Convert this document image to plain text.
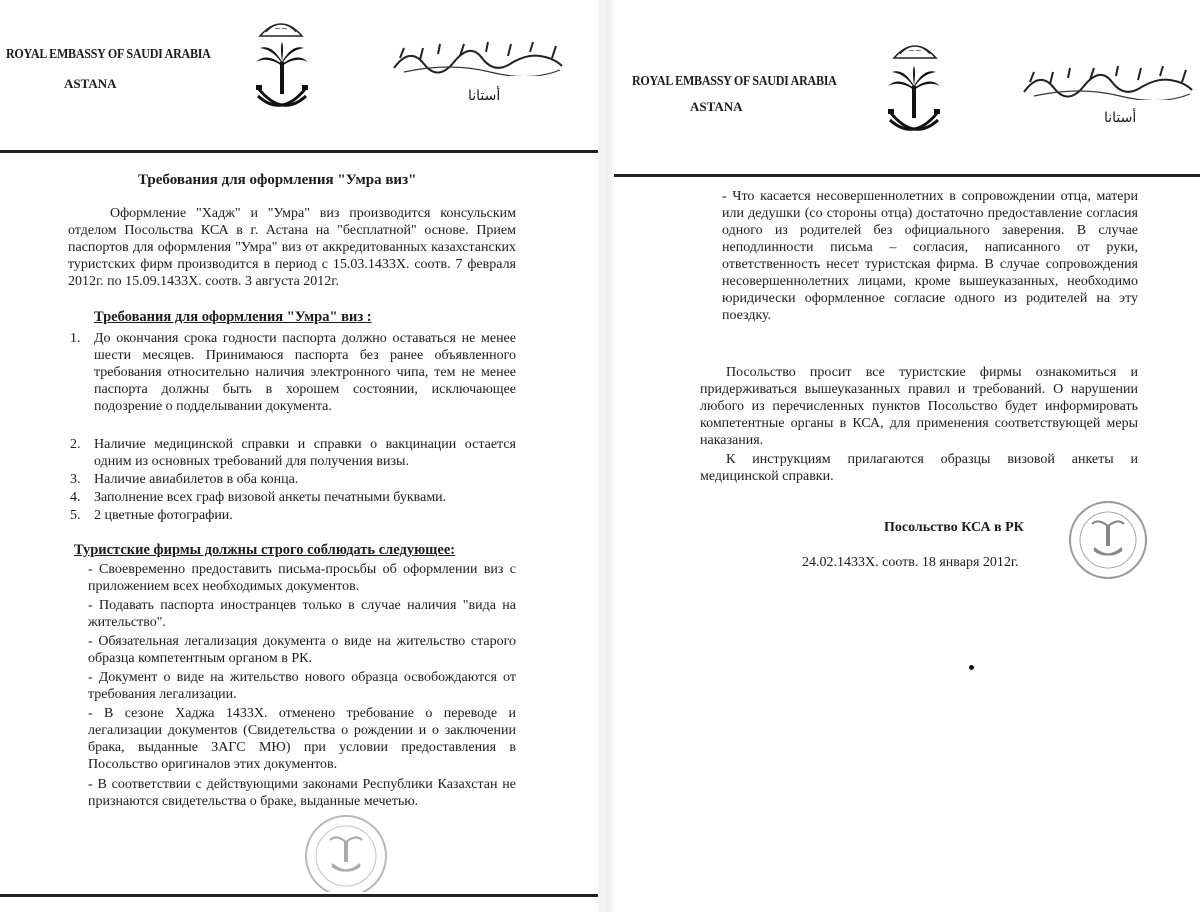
ROYAL EMBASSY OF SAUDI ARABIA
ASTANA
~~
أستانا
Требования для оформления "Умра виз"
Оформление "Хадж" и "Умра" виз производится консульским отделом Посольства КСА в г. Астана на "бесплатной" основе. Прием паспортов для оформления "Умра" виз от аккредитованных казахстанских туристских фирм производится в период с 15.03.1433Х. соотв. 7 февраля 2012г. по 15.09.1433Х. соотв. 3 августа 2012г.
Требования для оформления "Умра" виз :
1. До окончания срока годности паспорта должно оставаться не менее шести месяцев. Принимаюся паспорта без ранее объявленного требования относительно наличия электронного чипа, тем не менее паспорта должны быть в хорошем состоянии, исключающее подозрение о подделывании документа.
2. Наличие медицинской справки и справки о вакцинации остается одним из основных требований для получения визы.
3. Наличие авиабилетов в оба конца.
4. Заполнение всех граф визовой анкеты печатными буквами.
5. 2 цветные фотографии.
Туристские фирмы должны строго соблюдать следующее:
- Своевременно предоставить письма-просьбы об оформлении виз с приложением всех необходимых документов.
- Подавать паспорта иностранцев только в случае наличия "вида на жительство".
- Обязательная легализация документа о виде на жительство старого образца компетентным органом в РК.
- Документ о виде на жительство нового образца освобождаются от требования легализации.
- В сезоне Хаджа 1433Х. отменено требование о переводе и легализации документов (Свидетельства о рождении и о заключении брака, выданные ЗАГС МЮ) при условии предоставления в Посольство оригиналов этих документов.
- В соответствии с действующими законами Республики Казахстан не признаются свидетельства о браке, выданные мечетью.
ROYAL EMBASSY OF SAUDI ARABIA
ASTANA
~~
أستانا
- Что касается несовершеннолетних в сопровождении отца, матери или дедушки (со стороны отца) достаточно предоставление согласия одного из родителей без официального заверения. В случае неподлинности письма – согласия, написанного от руки, ответственность несет туристская фирма. В случае сопровождения несовершеннолетних лицами, кроме вышеуказанных, необходимо юридически оформленное согласие одного из родителей на эту поездку.
Посольство просит все туристские фирмы ознакомиться и придерживаться вышеуказанных правил и требований. О нарушении любого из перечисленных пунктов Посольство будет информировать компетентные органы в КСА, для применения соответствующей меры наказания.
К инструкциям прилагаются образцы визовой анкеты и медицинской справки.
Посольство КСА в РК
24.02.1433Х. соотв. 18 января 2012г.
